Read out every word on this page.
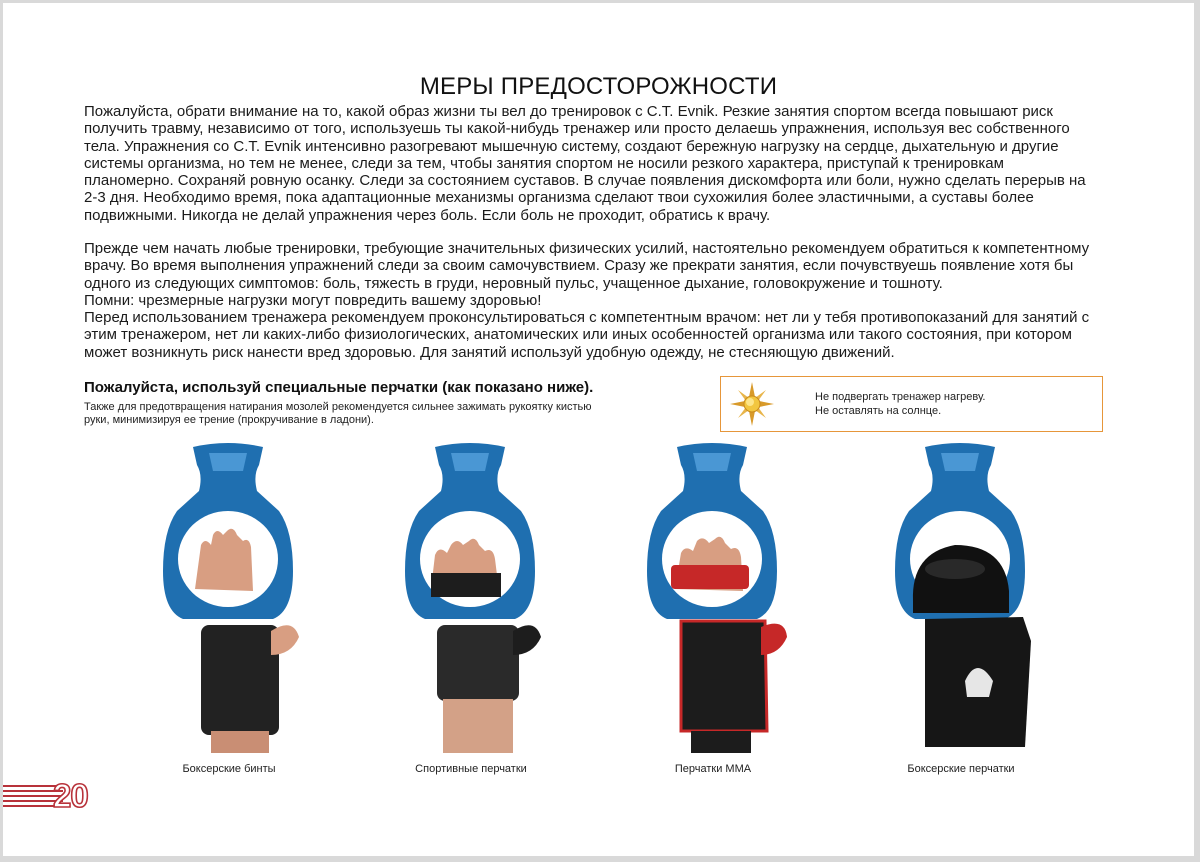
МЕРЫ ПРЕДОСТОРОЖНОСТИ
Пожалуйста, обрати внимание на то, какой образ жизни ты вел до тренировок с C.T. Evnik. Резкие занятия спортом всегда повышают риск
получить травму, независимо от того, используешь ты какой-нибудь тренажер или просто делаешь упражнения, используя вес собственного
тела. Упражнения со C.T. Evnik интенсивно разогревают мышечную систему, создают бережную нагрузку на сердце, дыхательную и другие
системы организма, но тем не менее, следи за тем, чтобы занятия спортом не носили резкого характера, приступай к тренировкам
планомерно. Сохраняй ровную осанку. Следи за состоянием суставов. В случае появления дискомфорта или боли, нужно сделать перерыв на
2-3 дня. Необходимо время, пока адаптационные механизмы организма сделают твои сухожилия более эластичными, а суставы более
подвижными. Никогда не делай упражнения через боль. Если боль не проходит, обратись к врачу.
Прежде чем начать любые тренировки, требующие значительных физических усилий, настоятельно рекомендуем обратиться к компетентному
врачу. Во время выполнения упражнений следи за своим самочувствием. Сразу же прекрати занятия, если почувствуешь появление хотя бы
одного из следующих симптомов: боль, тяжесть в груди, неровный пульс, учащенное дыхание, головокружение и тошноту.
Помни: чрезмерные нагрузки могут повредить вашему здоровью!
Перед использованием тренажера рекомендуем проконсультироваться с компетентным врачом: нет ли у тебя противопоказаний для занятий с
этим тренажером, нет ли каких-либо физиологических, анатомических или иных особенностей организма или такого состояния, при котором
может возникнуть риск нанести вред здоровью. Для занятий используй удобную одежду, не стесняющую движений.
Пожалуйста, используй специальные перчатки (как показано ниже).
Также для предотвращения натирания мозолей рекомендуется сильнее зажимать рукоятку кистью руки, минимизируя ее трение (прокручивание в ладони).
Не подвергать тренажер нагреву.
Не оставлять на солнце.
Боксерские бинты	Спортивные перчатки	Перчатки MMA	Боксерские перчатки
20
